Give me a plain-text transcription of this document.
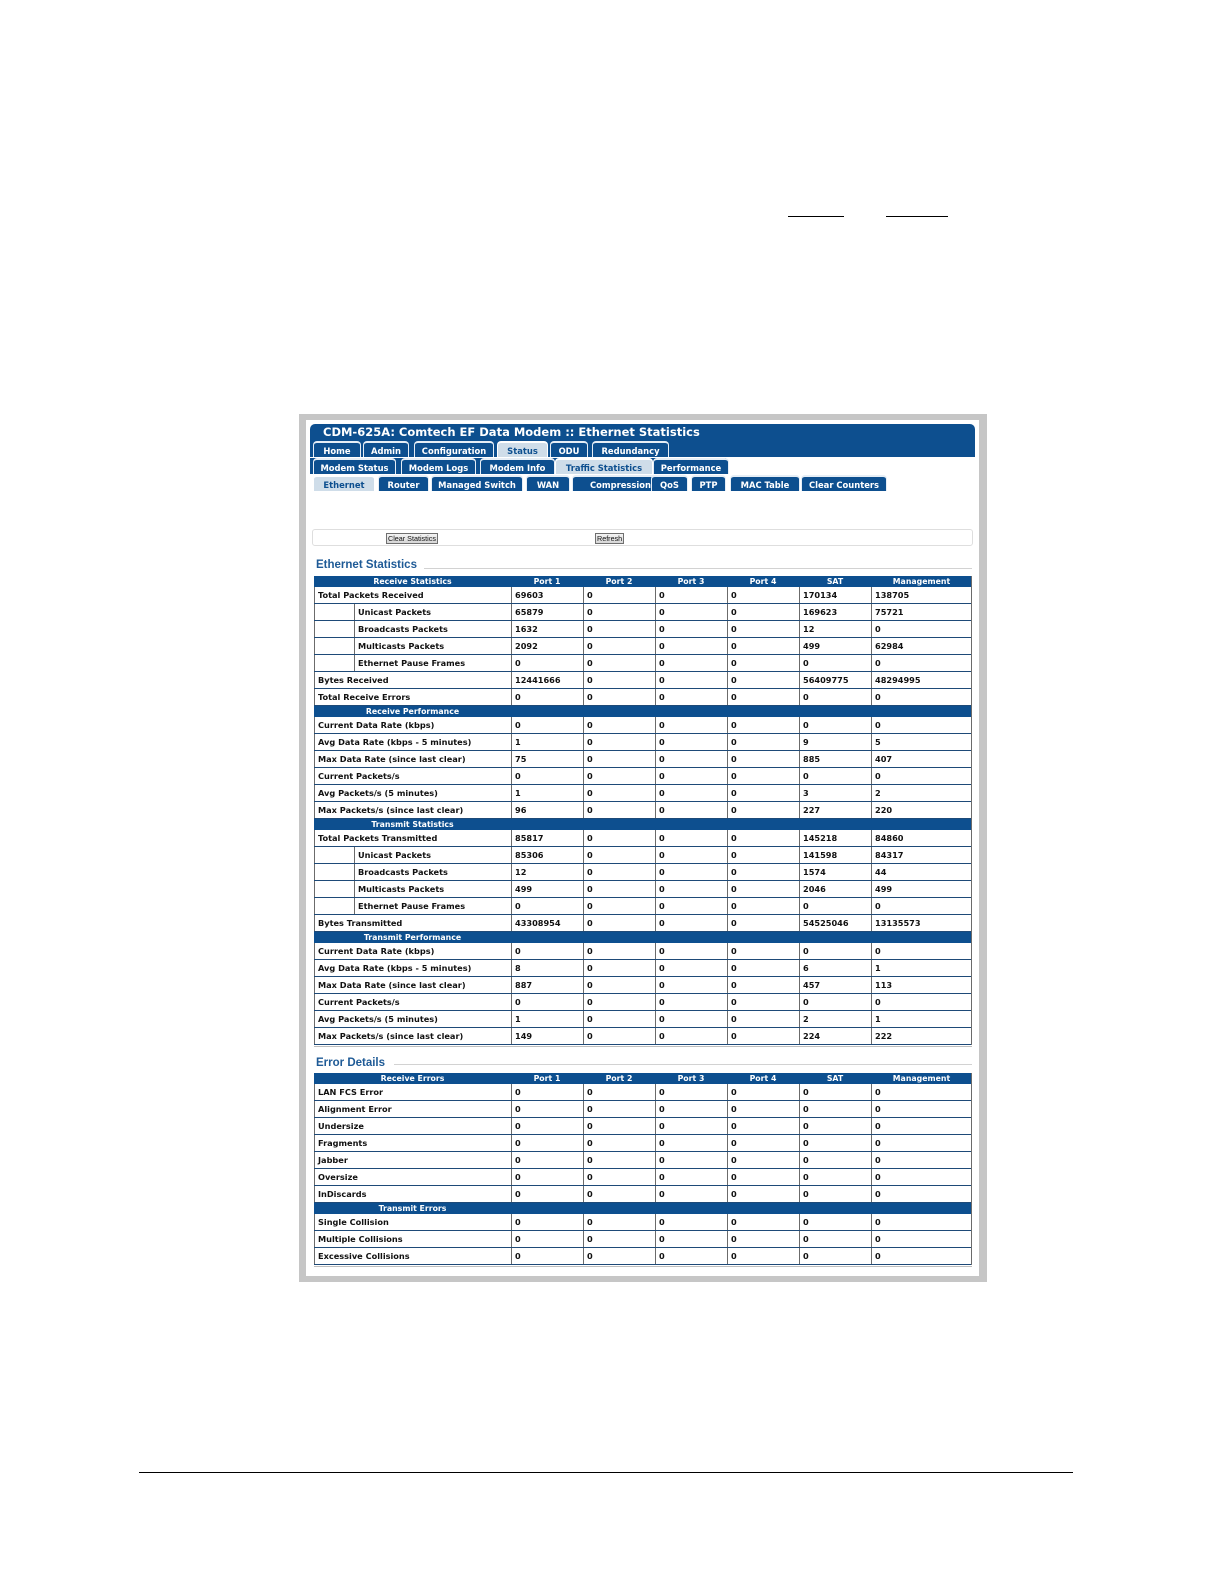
CDM-625A: Comtech EF Data Modem :: Ethernet Statistics
Home	Admin	Configuration	Status	ODU	Redundancy
Modem Status	Modem Logs	Modem Info	Traffic Statistics	Performance
Ethernet	Router	Managed Switch	WAN	Compression	QoS	PTP	MAC Table	Clear Counters
Clear Statistics	Refresh
Ethernet Statistics
Receive Statistics	Port 1	Port 2	Port 3	Port 4	SAT	Management
Total Packets Received	69603	0	0	0	170134	138705
Unicast Packets	65879	0	0	0	169623	75721
Broadcasts Packets	1632	0	0	0	12	0
Multicasts Packets	2092	0	0	0	499	62984
Ethernet Pause Frames	0	0	0	0	0	0
Bytes Received	12441666	0	0	0	56409775	48294995
Total Receive Errors	0	0	0	0	0	0
Receive Performance
Current Data Rate (kbps)	0	0	0	0	0	0
Avg Data Rate (kbps - 5 minutes)	1	0	0	0	9	5
Max Data Rate (since last clear)	75	0	0	0	885	407
Current Packets/s	0	0	0	0	0	0
Avg Packets/s (5 minutes)	1	0	0	0	3	2
Max Packets/s (since last clear)	96	0	0	0	227	220
Transmit Statistics
Total Packets Transmitted	85817	0	0	0	145218	84860
Unicast Packets	85306	0	0	0	141598	84317
Broadcasts Packets	12	0	0	0	1574	44
Multicasts Packets	499	0	0	0	2046	499
Ethernet Pause Frames	0	0	0	0	0	0
Bytes Transmitted	43308954	0	0	0	54525046	13135573
Transmit Performance
Current Data Rate (kbps)	0	0	0	0	0	0
Avg Data Rate (kbps - 5 minutes)	8	0	0	0	6	1
Max Data Rate (since last clear)	887	0	0	0	457	113
Current Packets/s	0	0	0	0	0	0
Avg Packets/s (5 minutes)	1	0	0	0	2	1
Max Packets/s (since last clear)	149	0	0	0	224	222
Error Details
Receive Errors	Port 1	Port 2	Port 3	Port 4	SAT	Management
LAN FCS Error	0	0	0	0	0	0
Alignment Error	0	0	0	0	0	0
Undersize	0	0	0	0	0	0
Fragments	0	0	0	0	0	0
Jabber	0	0	0	0	0	0
Oversize	0	0	0	0	0	0
InDiscards	0	0	0	0	0	0
Transmit Errors
Single Collision	0	0	0	0	0	0
Multiple Collisions	0	0	0	0	0	0
Excessive Collisions	0	0	0	0	0	0
